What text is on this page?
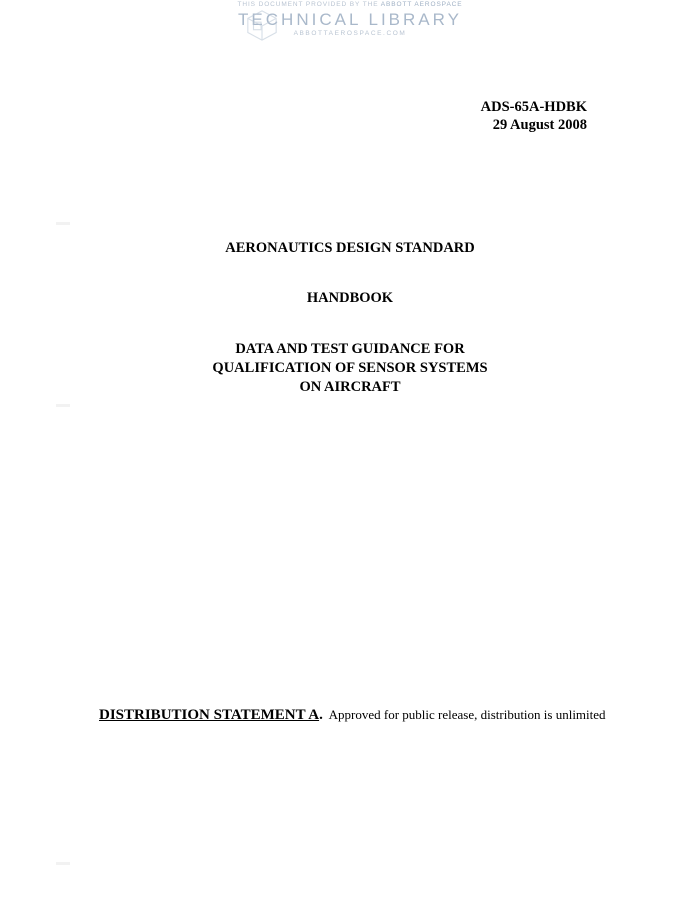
THIS DOCUMENT PROVIDED BY THE ABBOTT AEROSPACE
TECHNICAL LIBRARY
ABBOTTAEROSPACE.COM
ADS-65A-HDBK
29 August 2008
AERONAUTICS DESIGN STANDARD
HANDBOOK
DATA AND TEST GUIDANCE FOR
QUALIFICATION OF SENSOR SYSTEMS
ON AIRCRAFT
DISTRIBUTION STATEMENT A. Approved for public release, distribution is unlimited
